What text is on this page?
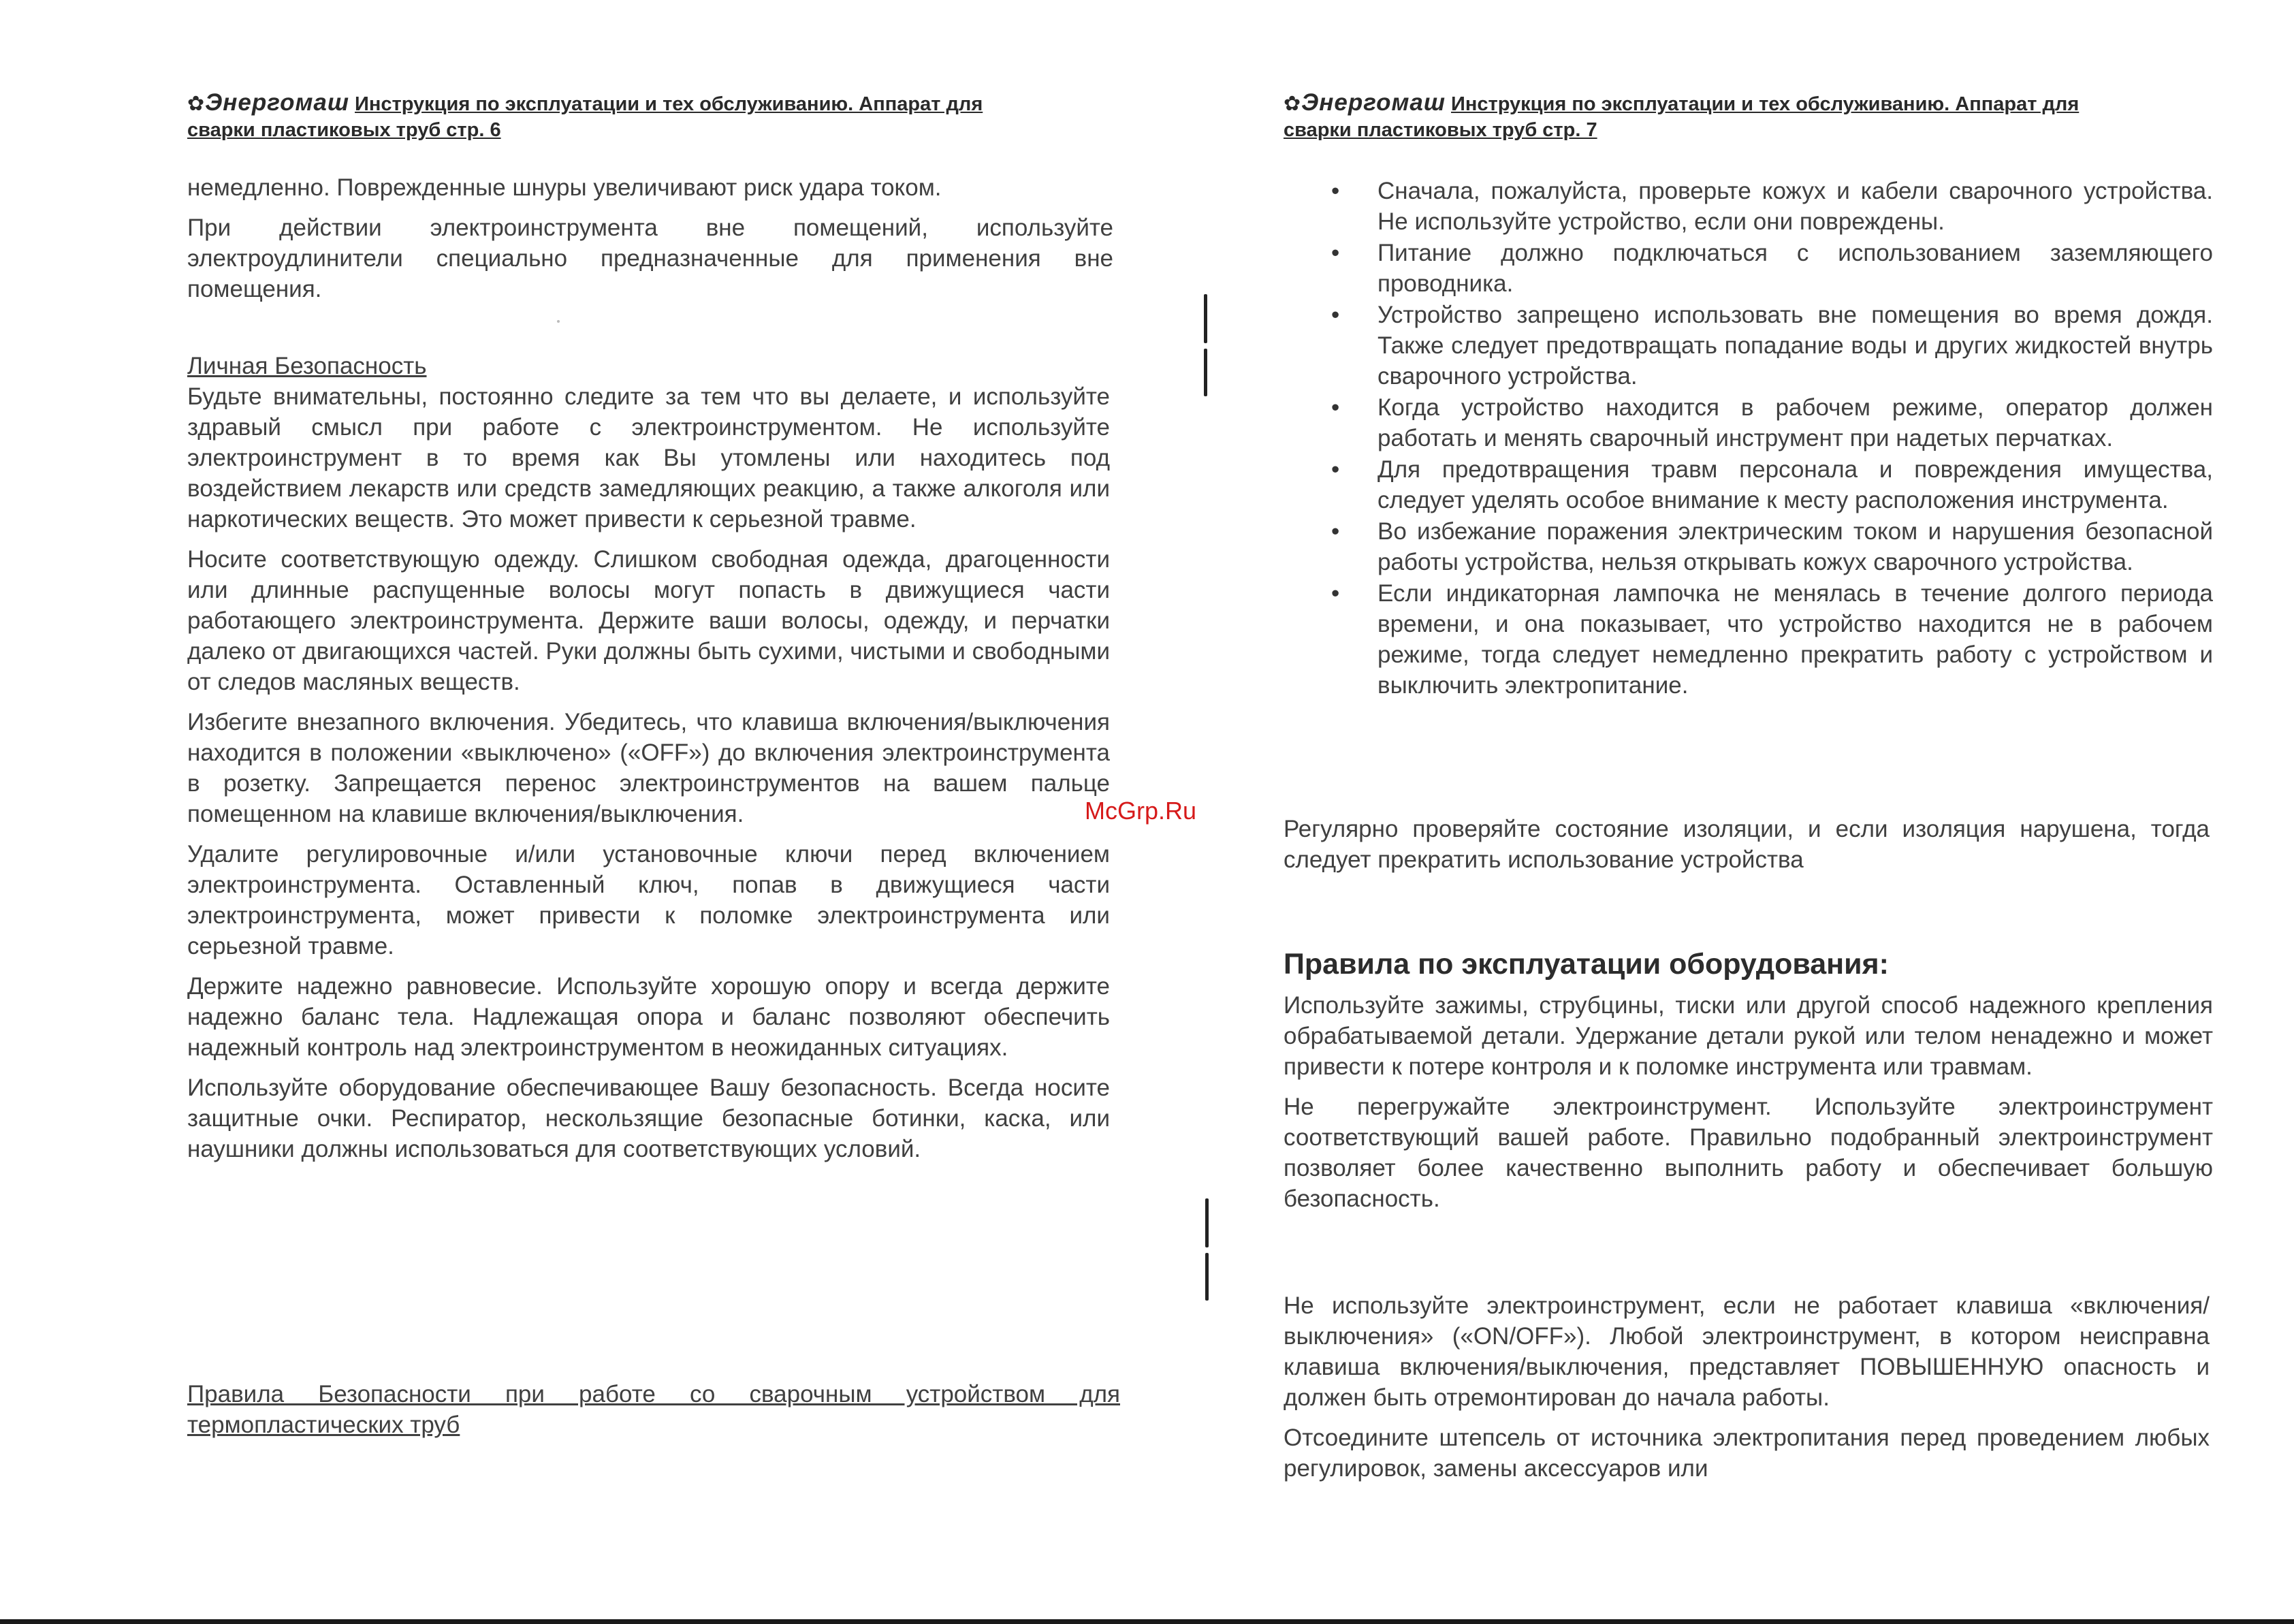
✿Энергомаш Инструкция по эксплуатации и тех обслуживанию. Аппарат для
сварки пластиковых труб стр. 6

немедленно. Поврежденные шнуры увеличивают риск удара током.

При действии электроинструмента вне помещений, используйте электроудлинители специально предназначенные для применения вне помещения.

Личная Безопасность

Будьте внимательны, постоянно следите за тем что вы делаете, и используйте здравый смысл при работе с электроинструментом. Не используйте электроинструмент в то время как Вы утомлены или находитесь под воздействием лекарств или средств замедляющих реакцию, а также алкоголя или наркотических веществ. Это может привести к серьезной травме.

Носите соответствующую одежду. Слишком свободная одежда, драгоценности или длинные распущенные волосы могут попасть в движущиеся части работающего электроинструмента. Держите ваши волосы, одежду, и перчатки далеко от двигающихся частей. Руки должны быть сухими, чистыми и свободными от следов масляных веществ.

Избегите внезапного включения. Убедитесь, что клавиша включения/выключения находится в положении «выключено» («OFF») до включения электроинструмента в розетку. Запрещается перенос электроинструментов на вашем пальце помещенном на клавише включения/выключения.

Удалите регулировочные и/или установочные ключи перед включением электроинструмента. Оставленный ключ, попав в движущиеся части электроинструмента, может привести к поломке электроинструмента или серьезной травме.

Держите надежно равновесие. Используйте хорошую опору и всегда держите надежно баланс тела. Надлежащая опора и баланс позволяют обеспечить надежный контроль над электроинструментом в неожиданных ситуациях.

Используйте оборудование обеспечивающее Вашу безопасность. Всегда носите защитные очки. Респиратор, нескользящие безопасные ботинки, каска, или наушники должны использоваться для соответствующих условий.

Правила Безопасности при работе со сварочным устройством для термопластических труб

✿Энергомаш Инструкция по эксплуатации и тех обслуживанию. Аппарат для
сварки пластиковых труб стр. 7
• Сначала, пожалуйста, проверьте кожух и кабели сварочного устройства. Не используйте устройство, если они повреждены.
• Питание должно подключаться с использованием заземляющего проводника.
• Устройство запрещено использовать вне помещения во время дождя. Также следует предотвращать попадание воды и других жидкостей внутрь сварочного устройства.
• Когда устройство находится в рабочем режиме, оператор должен работать и менять сварочный инструмент при надетых перчатках.
• Для предотвращения травм персонала и повреждения имущества, следует уделять особое внимание к месту расположения инструмента.
• Во избежание поражения электрическим током и нарушения безопасной работы устройства, нельзя открывать кожух сварочного устройства.
• Если индикаторная лампочка не менялась в течение долгого периода времени, и она показывает, что устройство находится не в рабочем режиме, тогда следует немедленно прекратить работу с устройством и выключить электропитание.

Регулярно проверяйте состояние изоляции, и если изоляция нарушена, тогда следует прекратить использование устройства

Правила по эксплуатации оборудования:

Используйте зажимы, струбцины, тиски или другой способ надежного крепления обрабатываемой детали. Удержание детали рукой или телом ненадежно и может привести к потере контроля и к поломке инструмента или травмам.

Не перегружайте электроинструмент. Используйте электроинструмент соответствующий вашей работе. Правильно подобранный электроинструмент позволяет более качественно выполнить работу и обеспечивает большую безопасность.

Не используйте электроинструмент, если не работает клавиша «включения/выключения» («ON/OFF»). Любой электроинструмент, в котором неисправна клавиша включения/выключения, представляет ПОВЫШЕННУЮ опасность и должен быть отремонтирован до начала работы.

Отсоедините штепсель от источника электропитания перед проведением любых регулировок, замены аксессуаров или

McGrp.Ru
